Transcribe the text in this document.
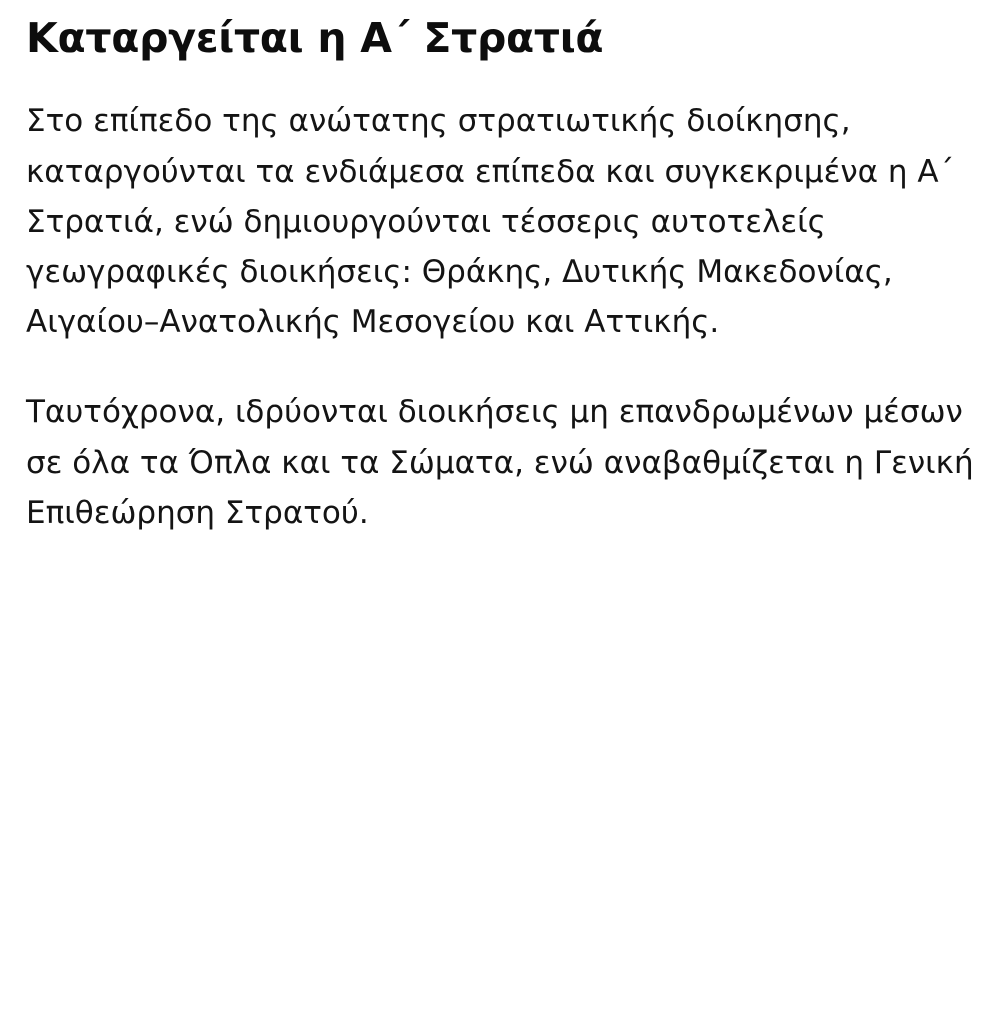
Καταργείται η Α΄ Στρατιά

Στο επίπεδο της ανώτατης στρατιωτικής διοίκησης, καταργούνται τα ενδιάμεσα επίπεδα και συγκεκριμένα η Α΄ Στρατιά, ενώ δημιουργούνται τέσσερις αυτοτελείς γεωγραφικές διοικήσεις: Θράκης, Δυτικής Μακεδονίας, Αιγαίου–Ανατολικής Μεσογείου και Αττικής.

Ταυτόχρονα, ιδρύονται διοικήσεις μη επανδρωμένων μέσων σε όλα τα Όπλα και τα Σώματα, ενώ αναβαθμίζεται η Γενική Επιθεώρηση Στρατού.
